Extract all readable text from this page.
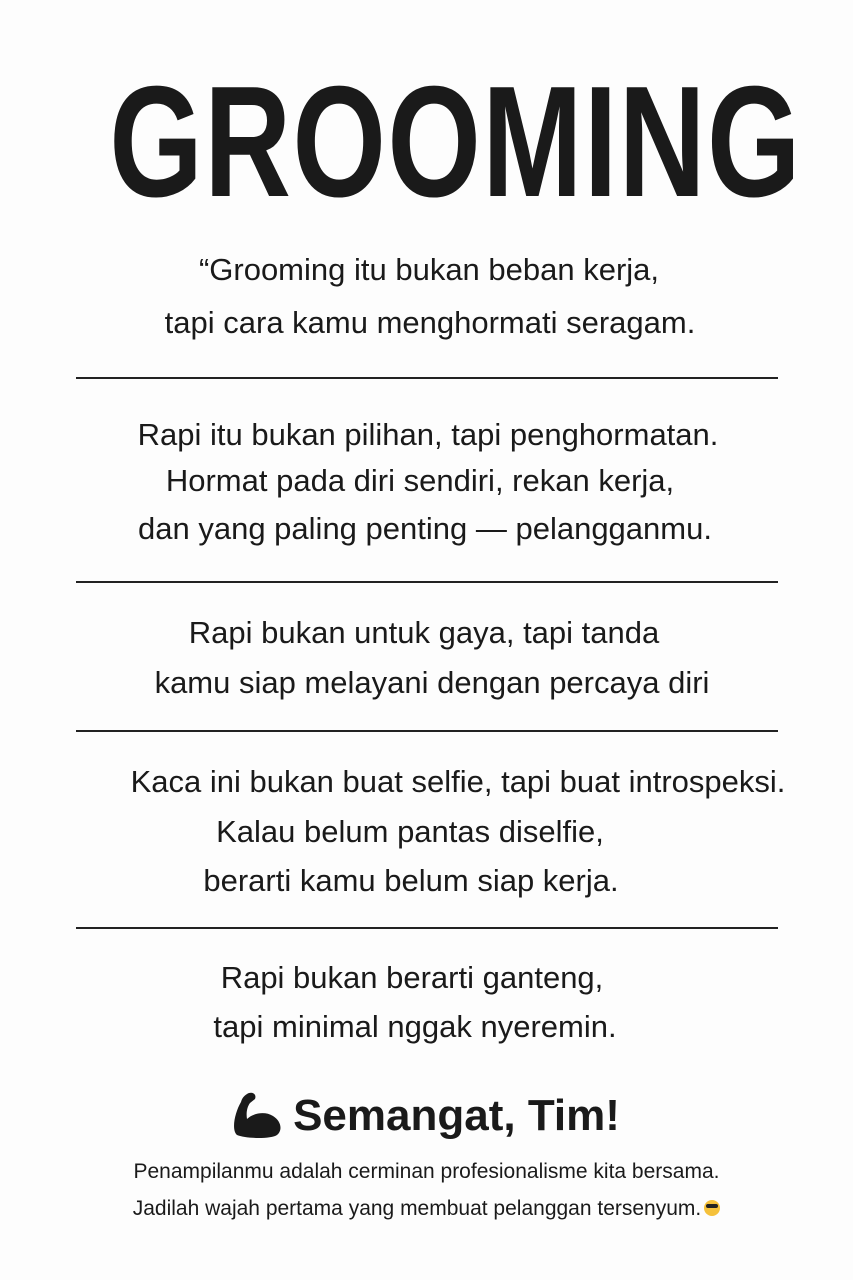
GROOMING
“Grooming itu bukan beban kerja,
tapi cara kamu menghormati seragam.
Rapi itu bukan pilihan, tapi penghormatan.
Hormat pada diri sendiri, rekan kerja,
dan yang paling penting — pelangganmu.
Rapi bukan untuk gaya, tapi tanda
kamu siap melayani dengan percaya diri
Kaca ini bukan buat selfie, tapi buat introspeksi.
Kalau belum pantas diselfie,
berarti kamu belum siap kerja.
Rapi bukan berarti ganteng,
tapi minimal nggak nyeremin.
Semangat, Tim!
Penampilanmu adalah cerminan profesionalisme kita bersama.
Jadilah wajah pertama yang membuat pelanggan tersenyum.
